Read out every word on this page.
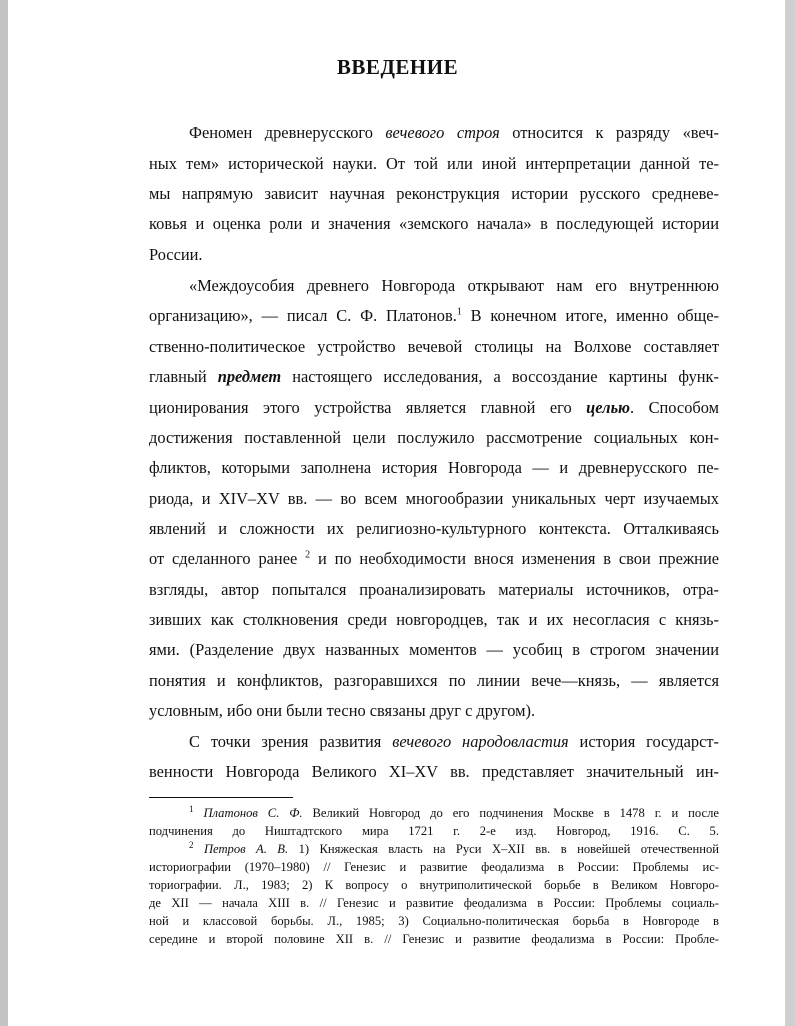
ВВЕДЕНИЕ
Феномен древнерусского вечевого строя относится к разряду «веч-
ных тем» исторической науки. От той или иной интерпретации данной те-
мы напрямую зависит научная реконструкция истории русского средневе-
ковья и оценка роли и значения «земского начала» в последующей истории
России.
«Междоусобия древнего Новгорода открывают нам его внутреннюю
организацию», — писал С. Ф. Платонов.$^1$ В конечном итоге, именно обще-
ственно-политическое устройство вечевой столицы на Волхове составляет
главный предмет настоящего исследования, а воссоздание картины функ-
ционирования этого устройства является главной его целью. Способом
достижения поставленной цели послужило рассмотрение социальных кон-
фликтов, которыми заполнена история Новгорода — и древнерусского пе-
риода, и XIV–XV вв. — во всем многообразии уникальных черт изучаемых
явлений и сложности их религиозно-культурного контекста. Отталкиваясь
от сделанного ранее $^2$ и по необходимости внося изменения в свои прежние
взгляды, автор попытался проанализировать материалы источников, отра-
зивших как столкновения среди новгородцев, так и их несогласия с князь-
ями. (Разделение двух названных моментов — усобиц в строгом значении
понятия и конфликтов, разгоравшихся по линии вече—князь, — является
условным, ибо они были тесно связаны друг с другом).
С точки зрения развития вечевого народовластия история государст-
венности Новгорода Великого XI–XV вв. представляет значительный ин-
$^1$ Платонов С. Ф. Великий Новгород до его подчинения Москве в 1478 г. и после
подчинения до Ништадтского мира 1721 г. 2-е изд. Новгород, 1916. С. 5.
$^2$ Петров А. В. 1) Княжеская власть на Руси X–XII вв. в новейшей отечественной
историографии (1970–1980) // Генезис и развитие феодализма в России: Проблемы ис-
ториографии. Л., 1983; 2) К вопросу о внутриполитической борьбе в Великом Новгоро-
де XII — начала XIII в. // Генезис и развитие феодализма в России: Проблемы социаль-
ной и классовой борьбы. Л., 1985; 3) Социально-политическая борьба в Новгороде в
середине и второй половине XII в. // Генезис и развитие феодализма в России: Пробле-
